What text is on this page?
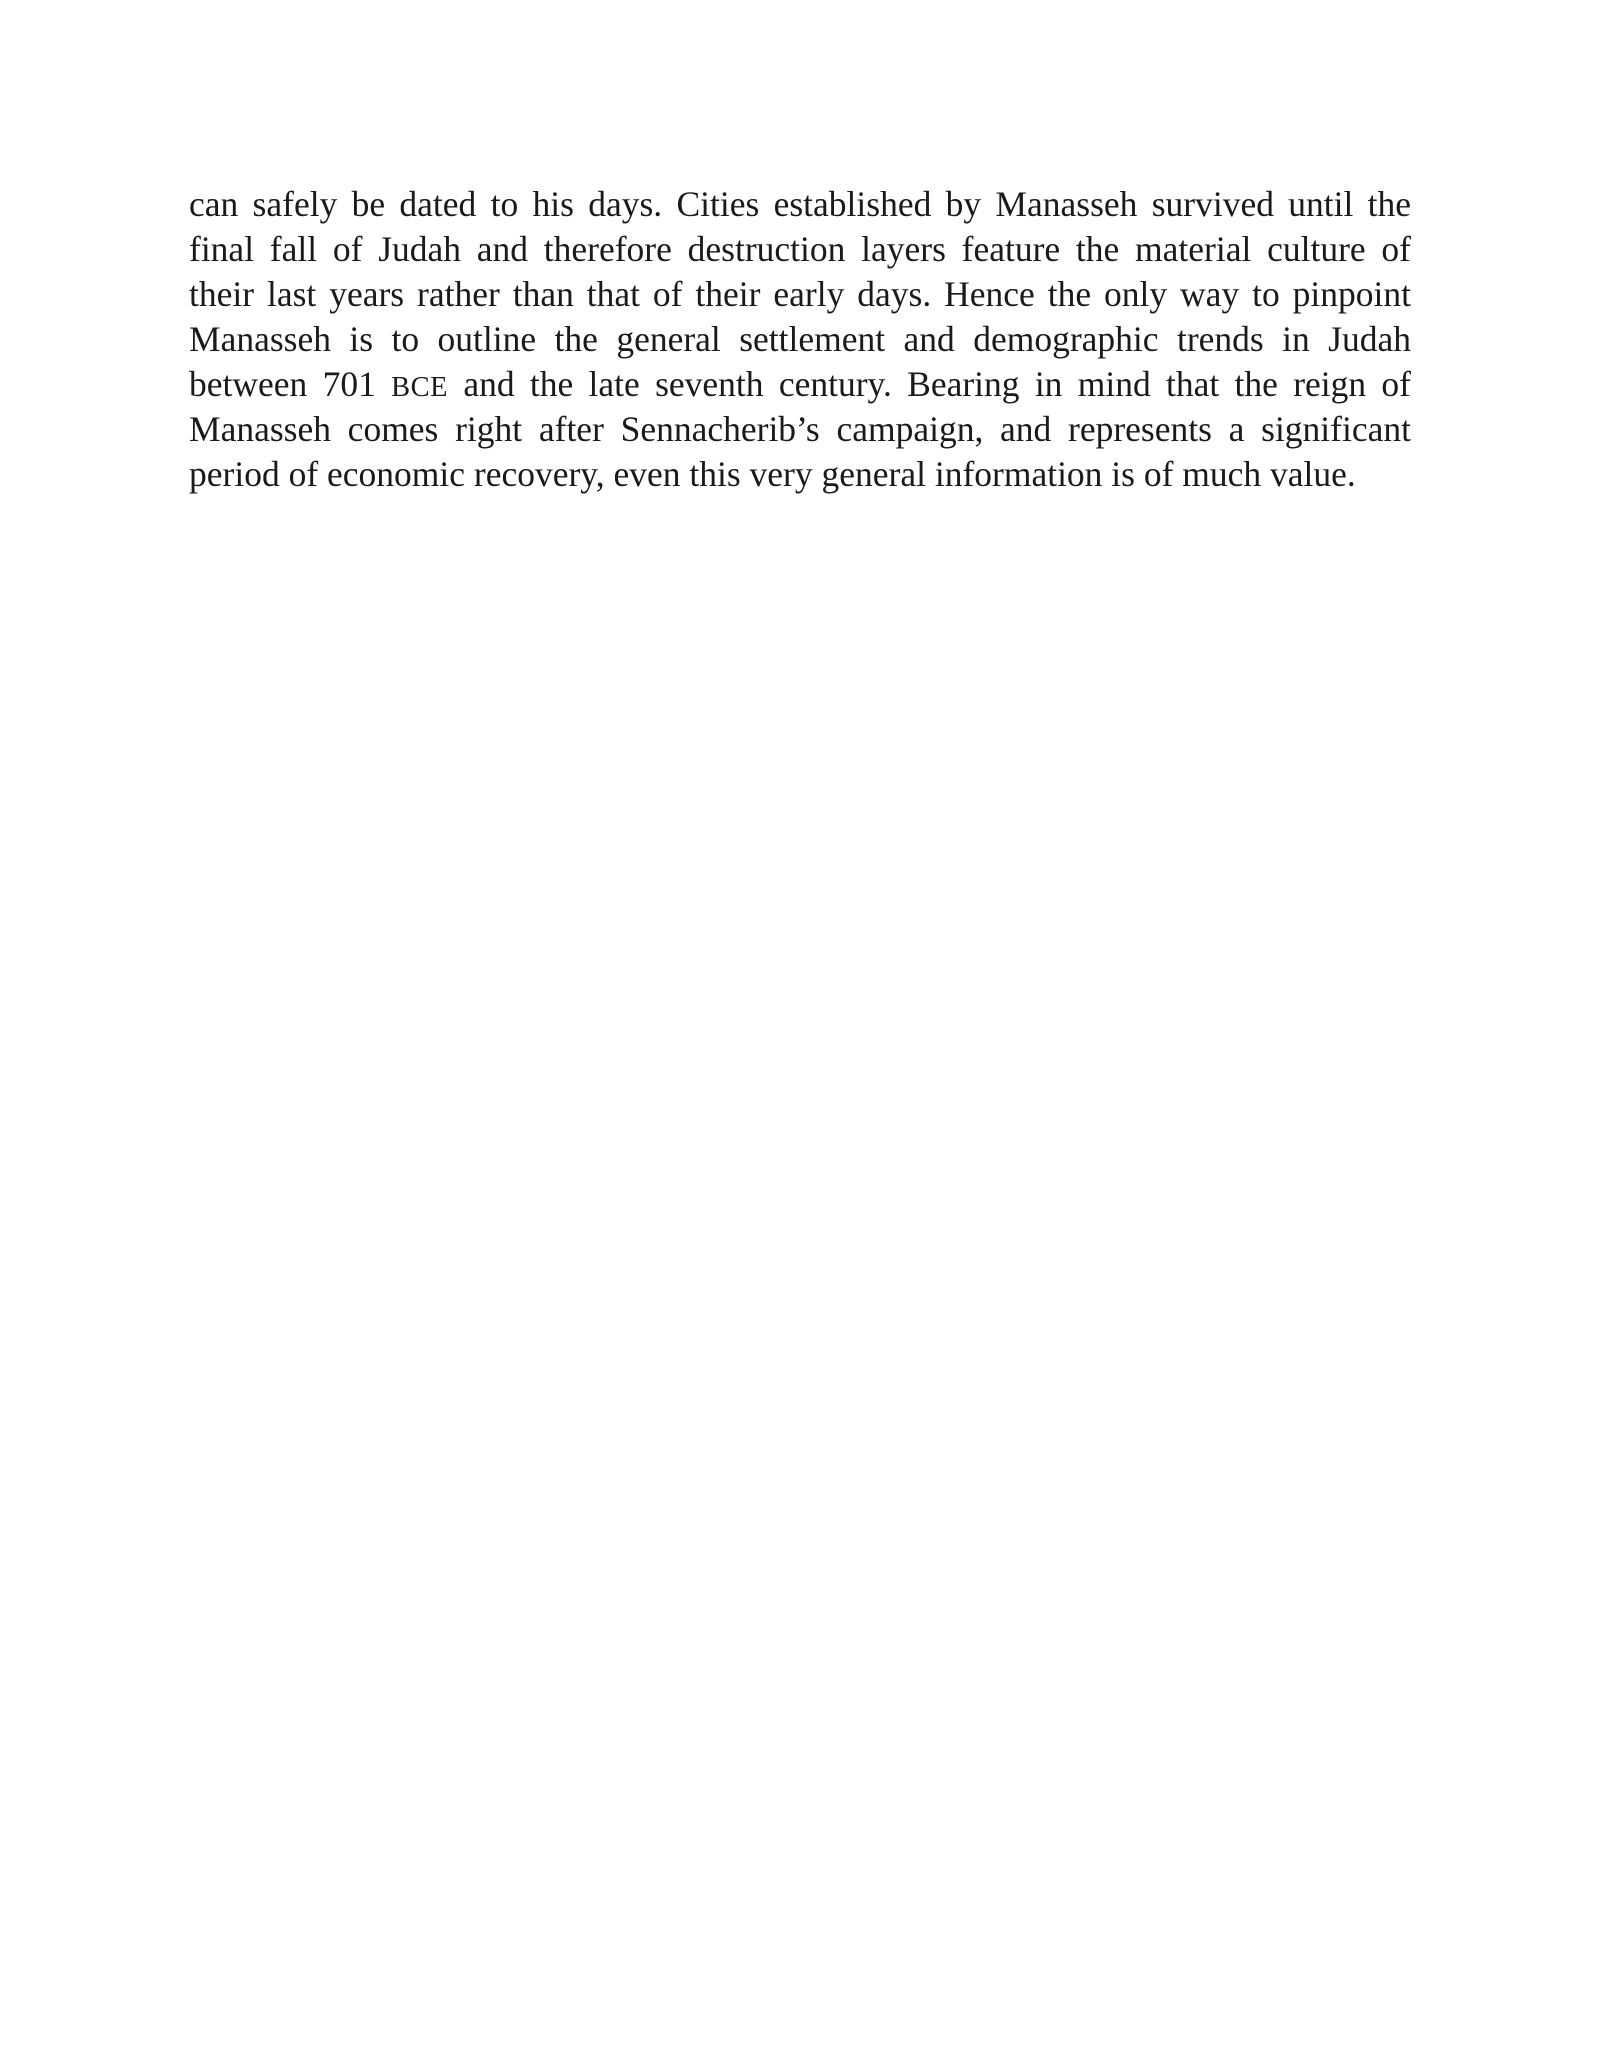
can safely be dated to his days. Cities established by Manasseh survived until the
final fall of Judah and therefore destruction layers feature the material culture of
their last years rather than that of their early days. Hence the only way to pinpoint
Manasseh is to outline the general settlement and demographic trends in Judah
between 701 BCE and the late seventh century. Bearing in mind that the reign of
Manasseh comes right after Sennacherib’s campaign, and represents a significant
period of economic recovery, even this very general information is of much value.
